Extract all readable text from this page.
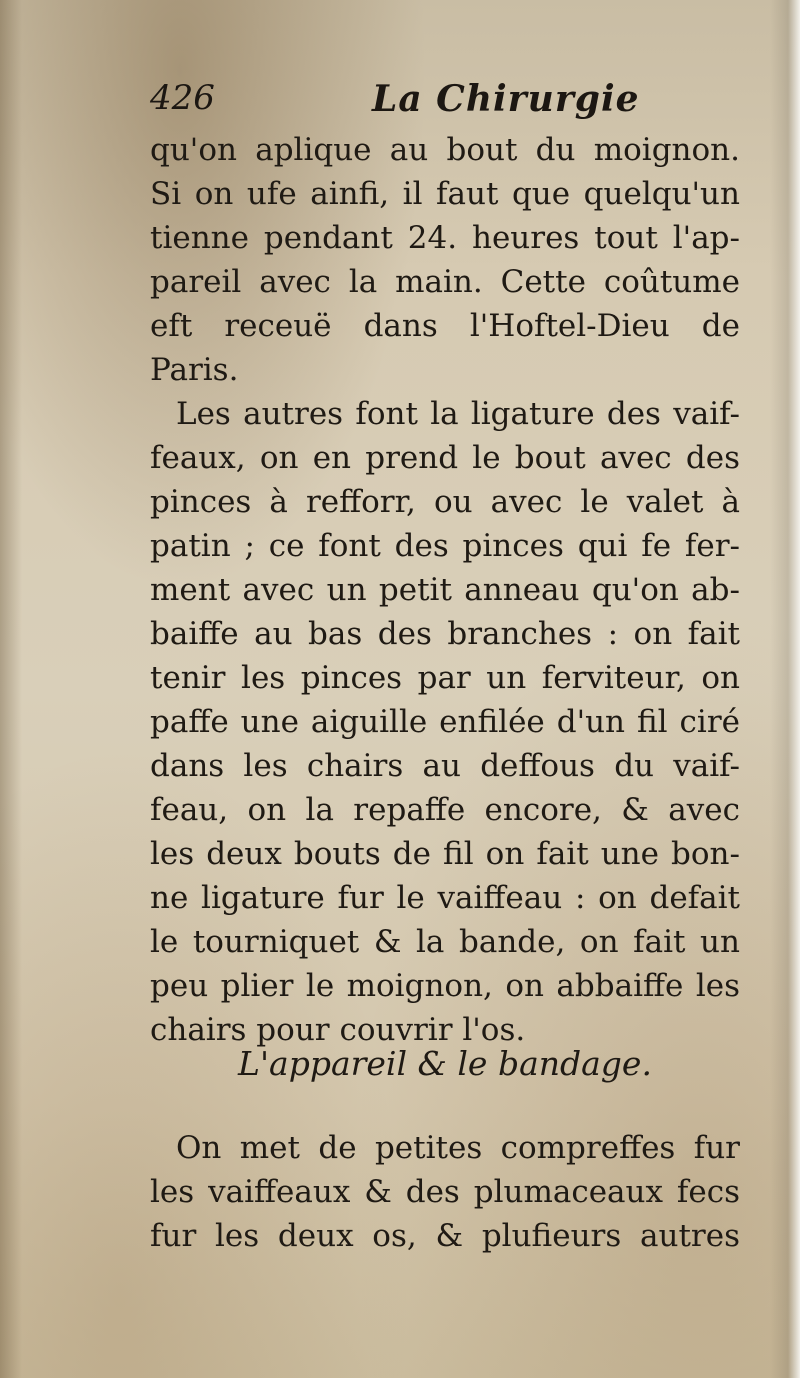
426	La Chirurgie
qu'on aplique au bout du moignon.
Si on ufe ainfi, il faut que quelqu'un
tienne pendant 24. heures tout l'ap-
pareil avec la main. Cette coûtume
eft receuë dans l'Hoftel-Dieu de
Paris.
Les autres font la ligature des vaif-
feaux, on en prend le bout avec des
pinces à refforr, ou avec le valet à
patin ; ce font des pinces qui fe fer-
ment avec un petit anneau qu'on ab-
baiffe au bas des branches : on fait
tenir les pinces par un ferviteur, on
paffe une aiguille enfilée d'un fil ciré
dans les chairs au deffous du vaif-
feau, on la repaffe encore, & avec
les deux bouts de fil on fait une bon-
ne ligature fur le vaiffeau : on defait
le tourniquet & la bande, on fait un
peu plier le moignon, on abbaiffe les
chairs pour couvrir l'os.
L'appareil & le bandage.
On met de petites compreffes fur
les vaiffeaux & des plumaceaux fecs
fur les deux os, & plufieurs autres
